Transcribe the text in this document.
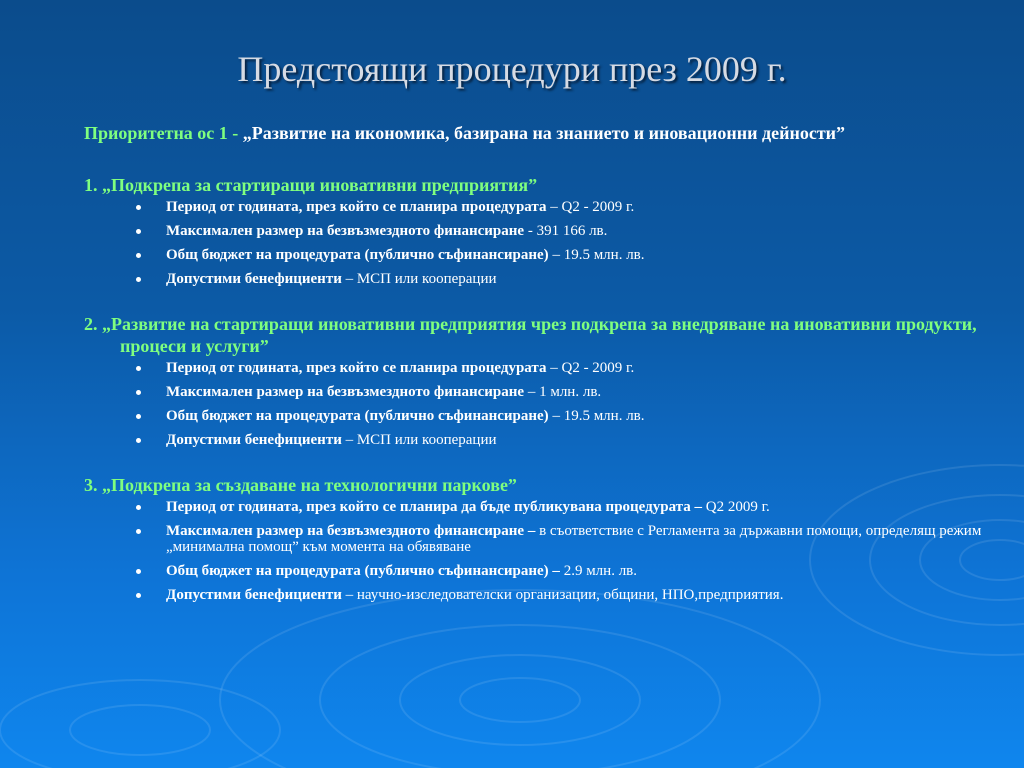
Предстоящи процедури през 2009 г.
Приоритетна ос 1 - „Развитие на икономика, базирана на знанието и иновационни дейности”
1. „Подкрепа за стартиращи иновативни предприятия”
Период от годината, през който се планира процедурата – Q2 - 2009 г.
Максимален размер на безвъзмездното финансиране - 391 166 лв.
Общ бюджет на процедурата (публично съфинансиране) – 19.5 млн. лв.
Допустими бенефициенти – МСП или кооперации
2. „Развитие на стартиращи иновативни предприятия чрез подкрепа за внедряване на иновативни продукти, процеси и услуги”
Период от годината, през който се планира процедурата – Q2 - 2009 г.
Максимален размер на безвъзмездното финансиране – 1 млн. лв.
Общ бюджет на процедурата (публично съфинансиране) – 19.5 млн. лв.
Допустими бенефициенти – МСП или кооперации
3. „Подкрепа за създаване на технологични паркове”
Период от годината, през който се планира да бъде публикувана процедурата – Q2 2009 г.
Максимален размер на безвъзмездното финансиране – в съответствие с Регламента за държавни помощи, определящ режим „минимална помощ” към момента на обявяване
Общ бюджет на процедурата (публично съфинансиране) – 2.9 млн. лв.
Допустими бенефициенти – научно-изследователски организации, общини, НПО,предприятия.
